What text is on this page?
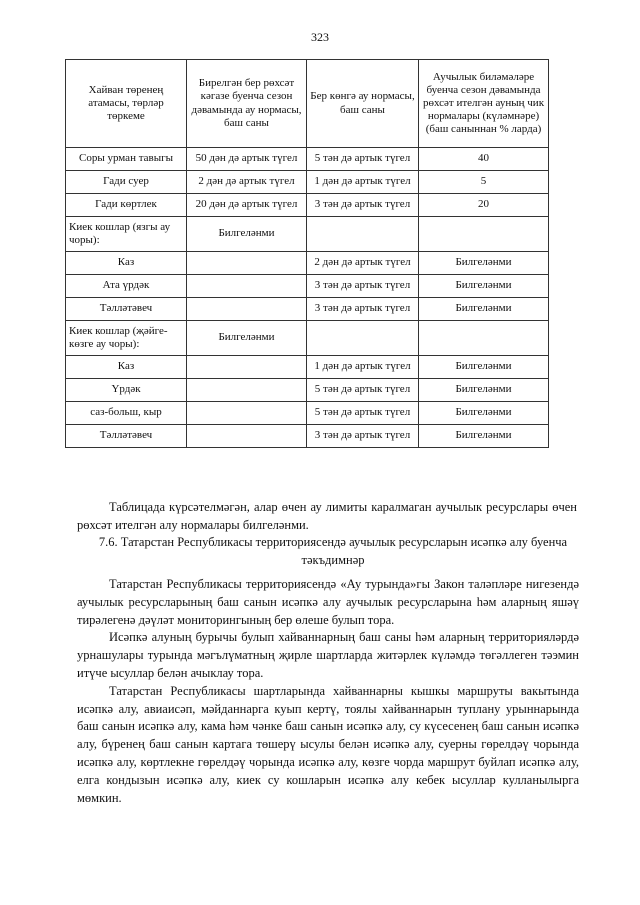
323
Хайван төренең атамасы, төрләр төркеме	Бирелгән бер рөхсәт кәгазе буенча сезон дәвамында ау нормасы, баш саны	Бер көнгә ау нормасы, баш саны	Аучылык биләмәләре буенча сезон дәвамында рөхсәт ителгән ауның чик нормалары (күләмнәре) (баш саныннан % ларда)
Соры урман тавыгы	50 дән дә артык түгел	5 тән дә артык түгел	40
Гади суер	2 дән дә артык түгел	1 дән дә артык түгел	5
Гади көртлек	20 дән дә артык түгел	3 тән дә артык түгел	20
Киек кошлар (язгы ау чоры):	Билгеләнми		
Каз		2 дән дә артык түгел	Билгеләнми
Ата үрдәк		3 тән дә артык түгел	Билгеләнми
Тәлләтәвеч		3 тән дә артык түгел	Билгеләнми
Киек кошлар (җәйге-көзге ау чоры):	Билгеләнми		
Каз		1 дән дә артык түгел	Билгеләнми
Үрдәк		5 тән дә артык түгел	Билгеләнми
саз-больш, кыр		5 тән дә артык түгел	Билгеләнми
Тәлләтәвеч		3 тән дә артык түгел	Билгеләнми

Таблицада күрсәтелмәгән, алар өчен ау лимиты каралмаган аучылык ресурслары өчен рөхсәт ителгән алу нормалары билгеләнми.

7.6. Татарстан Республикасы территориясендә аучылык ресурсларын исәпкә алу буенча тәкъдимнәр

Татарстан Республикасы территориясендә «Ау турында»гы Закон таләпләре нигезендә аучылык ресурсларының баш санын исәпкә алу аучылык ресурсларына һәм аларның яшәү тирәлегенә дәүләт мониторингының бер өлеше булып тора.

Исәпкә алуның бурычы булып хайваннарның баш саны һәм аларның территорияләрдә урнашулары турында мәгълүматның җирле шартларда житәрлек күләмдә төгәллеген тәэмин итүче ысуллар белән ачыклау тора.

Татарстан Республикасы шартларында хайваннарны кышкы маршруты вакытында исәпкә алу, авиаисәп, мәйданнарга куып кертү, тоялы хайваннарын туплану урыннарында баш санын исәпкә алу, кама һәм чәнке баш санын исәпкә алу, су күсесенең баш санын исәпкә алу, бүренең баш санын картага төшерү ысулы белән исәпкә алу, суерны гөрелдәү чорында исәпкә алу, көртлекне гөрелдәү чорында исәпкә алу, көзге чорда маршрут буйлап исәпкә алу, елга кондызын исәпкә алу, киек су кошларын исәпкә алу кебек ысуллар кулланылырга мөмкин.
